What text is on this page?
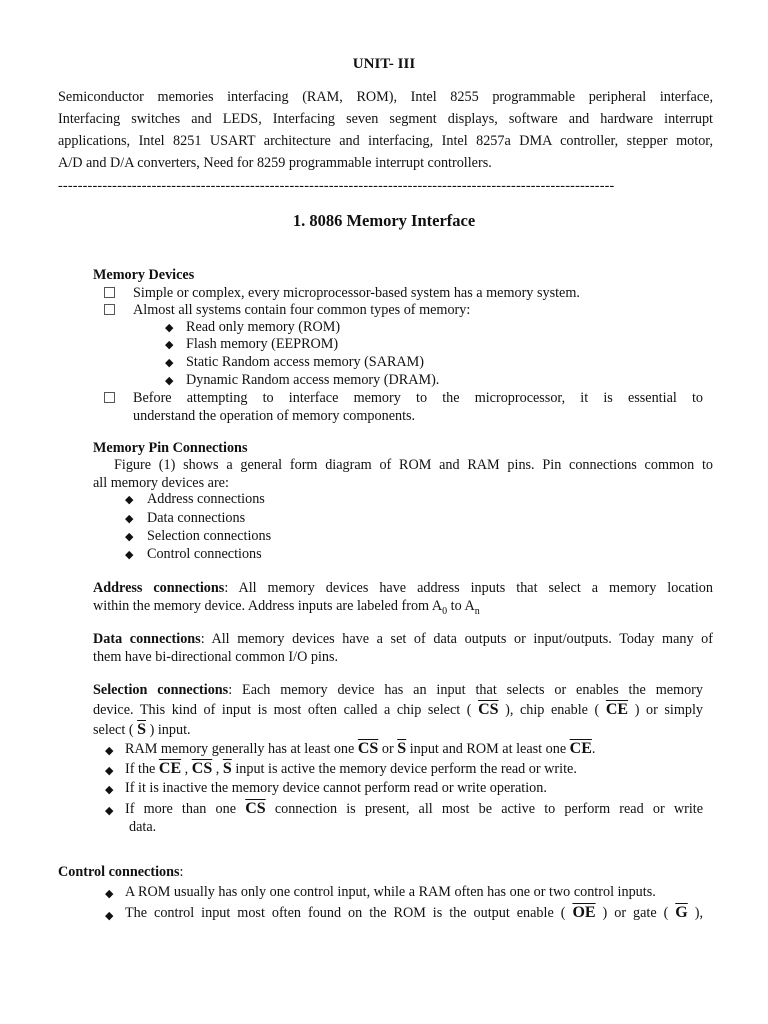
UNIT- III

Semiconductor memories interfacing (RAM, ROM), Intel 8255 programmable peripheral interface,

Interfacing switches and LEDS, Interfacing seven segment displays, software and hardware interrupt

applications, Intel 8251 USART architecture and interfacing, Intel 8257a DMA controller, stepper motor,

A/D and D/A converters, Need for 8259 programmable interrupt controllers.

-----------------------------------------------------------------------------------------------------------------
1. 8086 Memory Interface
Memory Devices
Simple or complex, every microprocessor-based system has a memory system.
Almost all systems contain four common types of memory:
◆ Read only memory (ROM)
◆ Flash memory (EEPROM)
◆ Static Random access memory (SARAM)
◆ Dynamic Random access memory (DRAM).

Before attempting to interface memory to the microprocessor, it is essential to

understand the operation of memory components.

Memory Pin Connections

Figure (1) shows a general form diagram of ROM and RAM pins. Pin connections common to

all memory devices are:

◆ Address connections
◆ Data connections
◆ Selection connections
◆ Control connections

Address connections: All memory devices have address inputs that select a memory location

within the memory device. Address inputs are labeled from $A_0$ to $A_n$

Data connections: All memory devices have a set of data outputs or input/outputs. Today many of

them have bi-directional common I/O pins.

Selection connections: Each memory device has an input that selects or enables the memory

device. This kind of input is most often called a chip select ( $\overline{CS}$ ), chip enable ( $\overline{CE}$ ) or simply

select ( $\overline{S}$ ) input.

◆ RAM memory generally has at least one $\overline{CS}$ or $\overline{S}$ input and ROM at least one $\overline{CE}$.
◆ If the $\overline{CE}$ , $\overline{CS}$ , $\overline{S}$ input is active the memory device perform the read or write.
◆ If it is inactive the memory device cannot perform read or write operation.
◆ If more than one $\overline{CS}$ connection is present, all most be active to perform read or write

data.

Control connections:
◆ A ROM usually has only one control input, while a RAM often has one or two control inputs.
◆ The control input most often found on the ROM is the output enable ( $\overline{OE}$ ) or gate ( $\overline{G}$ ),
